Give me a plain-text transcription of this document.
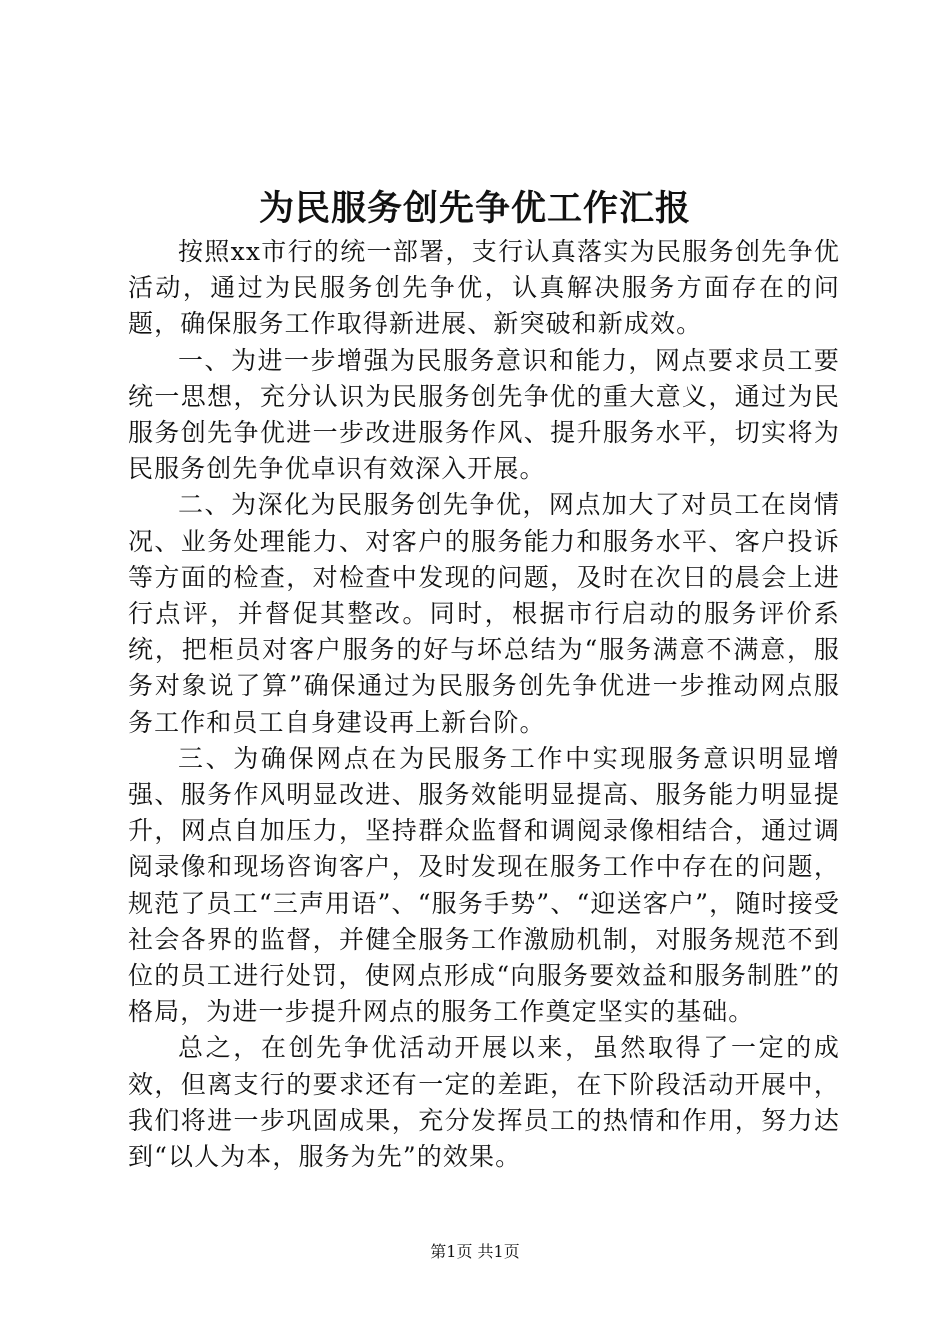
为民服务创先争优工作汇报

按照xx市行的统一部署，支行认真落实为民服务创先争优活动，通过为民服务创先争优，认真解决服务方面存在的问题，确保服务工作取得新进展、新突破和新成效。

一、为进一步增强为民服务意识和能力，网点要求员工要统一思想，充分认识为民服务创先争优的重大意义，通过为民服务创先争优进一步改进服务作风、提升服务水平，切实将为民服务创先争优卓识有效深入开展。

二、为深化为民服务创先争优，网点加大了对员工在岗情况、业务处理能力、对客户的服务能力和服务水平、客户投诉等方面的检查，对检查中发现的问题，及时在次日的晨会上进行点评，并督促其整改。同时，根据市行启动的服务评价系统，把柜员对客户服务的好与坏总结为“服务满意不满意，服务对象说了算”确保通过为民服务创先争优进一步推动网点服务工作和员工自身建设再上新台阶。

三、为确保网点在为民服务工作中实现服务意识明显增强、服务作风明显改进、服务效能明显提高、服务能力明显提升，网点自加压力，坚持群众监督和调阅录像相结合，通过调阅录像和现场咨询客户，及时发现在服务工作中存在的问题，规范了员工“三声用语”、“服务手势”、“迎送客户”，随时接受社会各界的监督，并健全服务工作激励机制，对服务规范不到位的员工进行处罚，使网点形成“向服务要效益和服务制胜”的格局，为进一步提升网点的服务工作奠定坚实的基础。

总之，在创先争优活动开展以来，虽然取得了一定的成效，但离支行的要求还有一定的差距，在下阶段活动开展中，我们将进一步巩固成果，充分发挥员工的热情和作用，努力达到“以人为本，服务为先”的效果。

第1页 共1页
